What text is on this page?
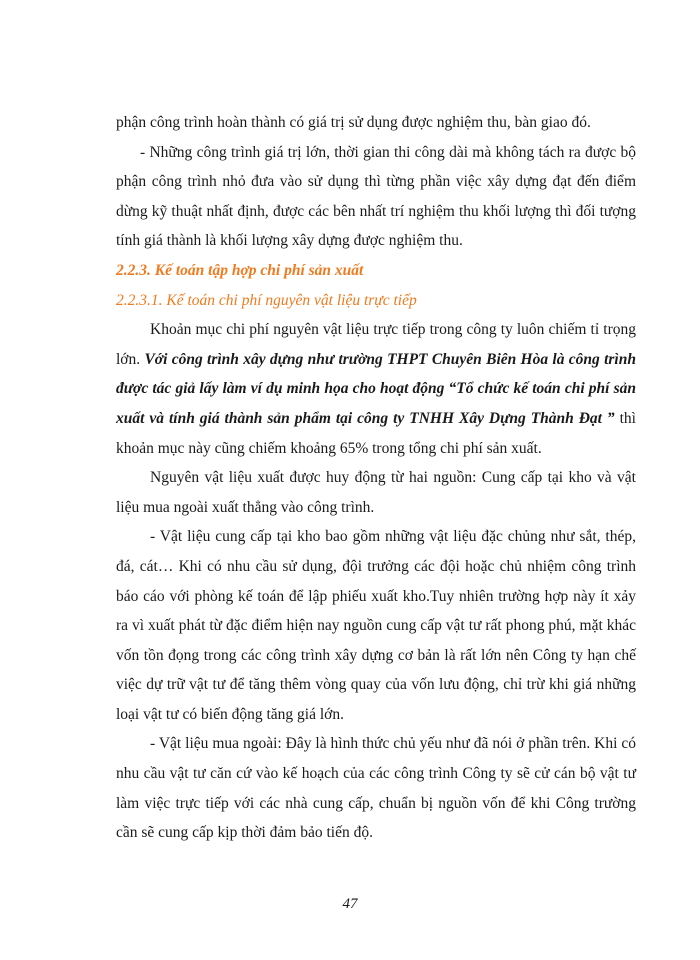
phận công trình hoàn thành có giá trị sử dụng được nghiệm thu, bàn giao đó.

- Những công trình giá trị lớn, thời gian thi công dài mà không tách ra được bộ phận công trình nhỏ đưa vào sử dụng thì từng phần việc xây dựng đạt đến điểm dừng kỹ thuật nhất định, được các bên nhất trí nghiệm thu khối lượng thì đối tượng tính giá thành là khối lượng xây dựng được nghiệm thu.

2.2.3. Kế toán tập hợp chi phí sản xuất
2.2.3.1. Kế toán chi phí nguyên vật liệu trực tiếp

Khoản mục chi phí nguyên vật liệu trực tiếp trong công ty luôn chiếm tỉ trọng lớn. Với công trình xây dựng như trường THPT Chuyên Biên Hòa là công trình được tác giả lấy làm ví dụ minh họa cho hoạt động “Tổ chức kế toán chi phí sản xuất và tính giá thành sản phẩm tại công ty TNHH Xây Dựng Thành Đạt ” thì khoản mục này cũng chiếm khoảng 65% trong tổng chi phí sản xuất.

Nguyên vật liệu xuất được huy động từ hai nguồn: Cung cấp tại kho và vật liệu mua ngoài xuất thẳng vào công trình.

- Vật liệu cung cấp tại kho bao gồm những vật liệu đặc chủng như sắt, thép, đá, cát… Khi có nhu cầu sử dụng, đội trưởng các đội hoặc chủ nhiệm công trình báo cáo với phòng kế toán để lập phiếu xuất kho.Tuy nhiên trường hợp này ít xảy ra vì xuất phát từ đặc điểm hiện nay nguồn cung cấp vật tư rất phong phú, mặt khác vốn tồn đọng trong các công trình xây dựng cơ bản là rất lớn nên Công ty hạn chế việc dự trữ vật tư để tăng thêm vòng quay của vốn lưu động, chỉ trừ khi giá những loại vật tư có biến động tăng giá lớn.

- Vật liệu mua ngoài: Đây là hình thức chủ yếu như đã nói ở phần trên. Khi có nhu cầu vật tư căn cứ vào kế hoạch của các công trình Công ty sẽ cử cán bộ vật tư làm việc trực tiếp với các nhà cung cấp, chuẩn bị nguồn vốn để khi Công trường cần sẽ cung cấp kịp thời đảm bảo tiến độ.

47
